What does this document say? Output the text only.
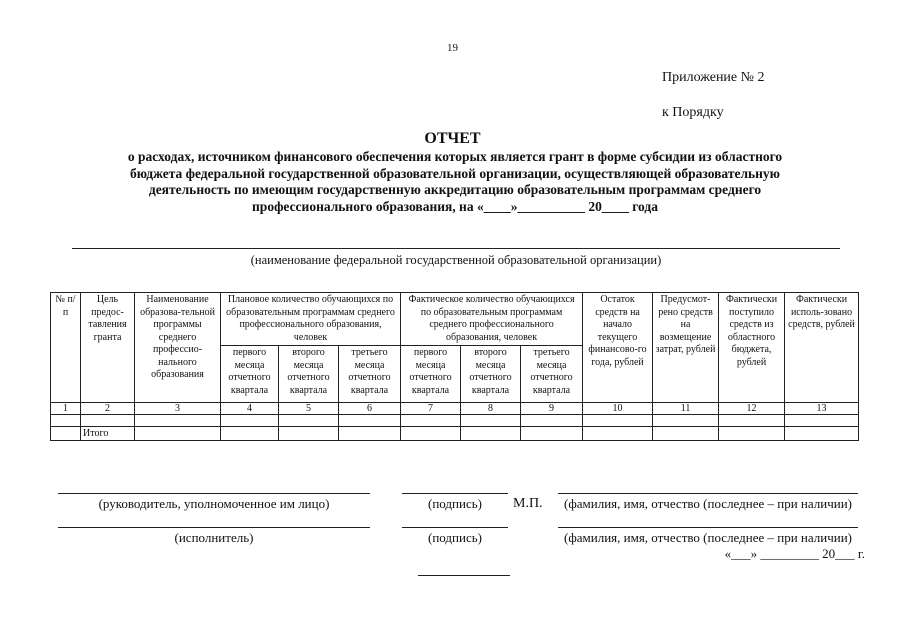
19
Приложение № 2
к Порядку
ОТЧЕТ
о расходах, источником финансового обеспечения которых является грант в форме субсидии из областного
бюджета федеральной государственной образовательной организации, осуществляющей образовательную
деятельность по имеющим государственную аккредитацию образовательным программам среднего
профессионального образования, на «____»__________ 20____ года
(наименование федеральной государственной образовательной организации)
№ п/п	Цель предос-тавления гранта	Наименование образова-тельной программы среднего профессио-нального образования	Плановое количество обучающихся по образовательным программам среднего профессионального образования, человек			Фактическое количество обучающихся по образовательным программам среднего профессионального образования, человек			Остаток средств на начало текущего финансово-го года, рублей	Предусмот-рено средств на возмещение затрат, рублей	Фактически поступило средств из областного бюджета, рублей	Фактически исполь-зовано средств, рублей
			первого месяца отчетного квартала	второго месяца отчетного квартала	третьего месяца отчетного квартала	первого месяца отчетного квартала	второго месяца отчетного квартала	третьего месяца отчетного квартала				
1	2	3	4	5	6	7	8	9	10	11	12	13

	Итого											
(руководитель, уполномоченное им лицо)	(подпись)	М.П.	(фамилия, имя, отчество (последнее – при наличии)
(исполнитель)	(подпись)	(фамилия, имя, отчество (последнее – при наличии)
«___» _________ 20___ г.
